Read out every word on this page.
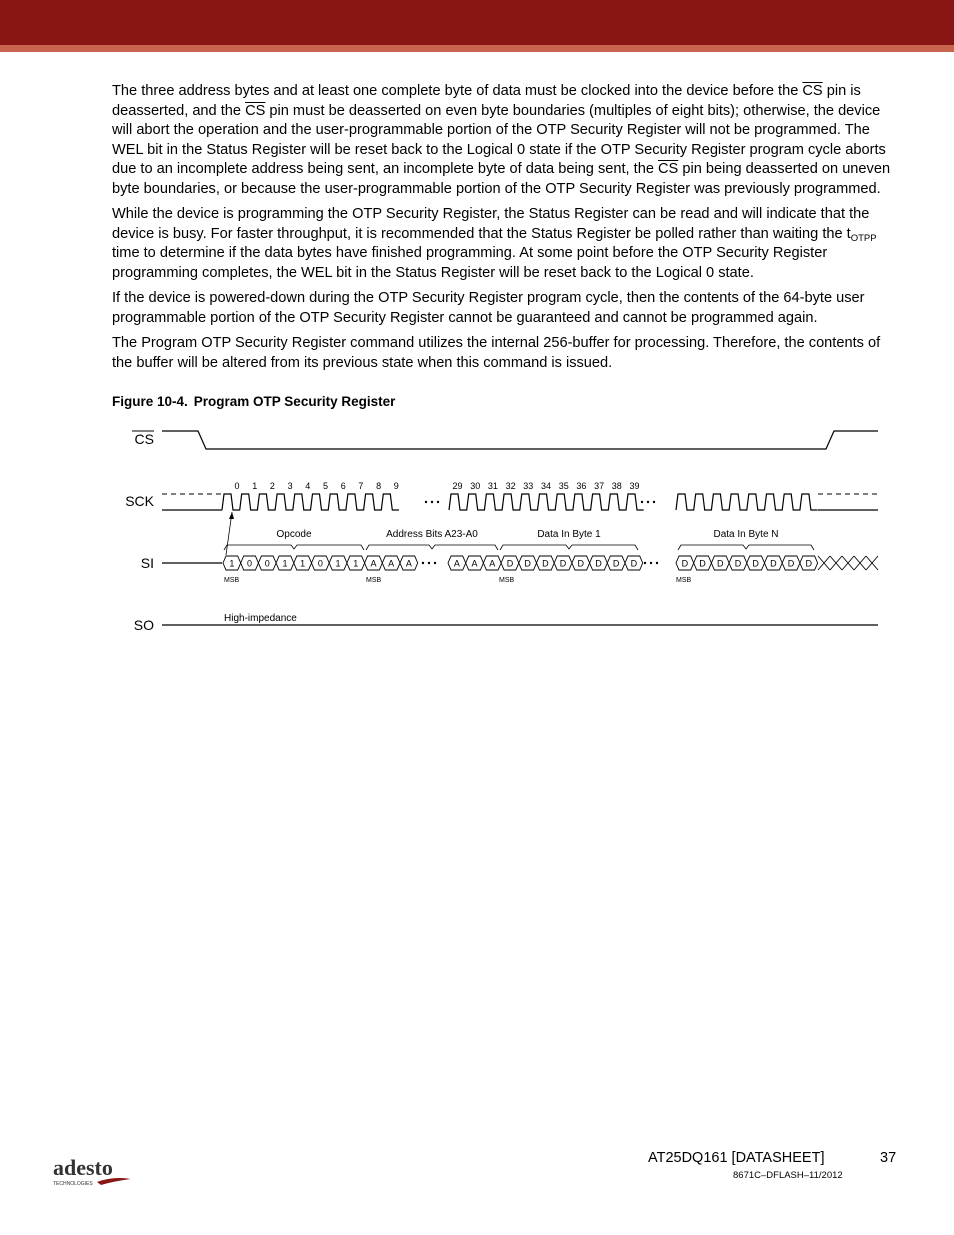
The three address bytes and at least one complete byte of data must be clocked into the device before the $\overline{CS}$ pin is deasserted, and the $\overline{CS}$ pin must be deasserted on even byte boundaries (multiples of eight bits); otherwise, the device will abort the operation and the user-programmable portion of the OTP Security Register will not be programmed. The WEL bit in the Status Register will be reset back to the Logical 0 state if the OTP Security Register program cycle aborts due to an incomplete address being sent, an incomplete byte of data being sent, the $\overline{CS}$ pin being deasserted on uneven byte boundaries, or because the user-programmable portion of the OTP Security Register was previously programmed.

While the device is programming the OTP Security Register, the Status Register can be read and will indicate that the device is busy. For faster throughput, it is recommended that the Status Register be polled rather than waiting the $t_{OTPP}$ time to determine if the data bytes have finished programming. At some point before the OTP Security Register programming completes, the WEL bit in the Status Register will be reset back to the Logical 0 state.

If the device is powered-down during the OTP Security Register program cycle, then the contents of the 64-byte user programmable portion of the OTP Security Register cannot be guaranteed and cannot be programmed again.

The Program OTP Security Register command utilizes the internal 256-buffer for processing. Therefore, the contents of the buffer will be altered from its previous state when this command is issued.

Figure 10-4. Program OTP Security Register
CS
SCK
SI
SO	High-impedance
0 1 2 3 4 5 6 7 8 9	29 30 31 32 33 34 35 36 37 38 39
1 0 0 1 1 0 1 1 A A A	A A A D D D D D D D D	D D D D D D D D
Opcode	Address Bits A23-A0	Data In Byte 1	Data In Byte N
MSB	MSB	MSB	MSB
adesto
TECHNOLOGIES
AT25DQ161 [DATASHEET]	37
8671C–DFLASH–11/2012
